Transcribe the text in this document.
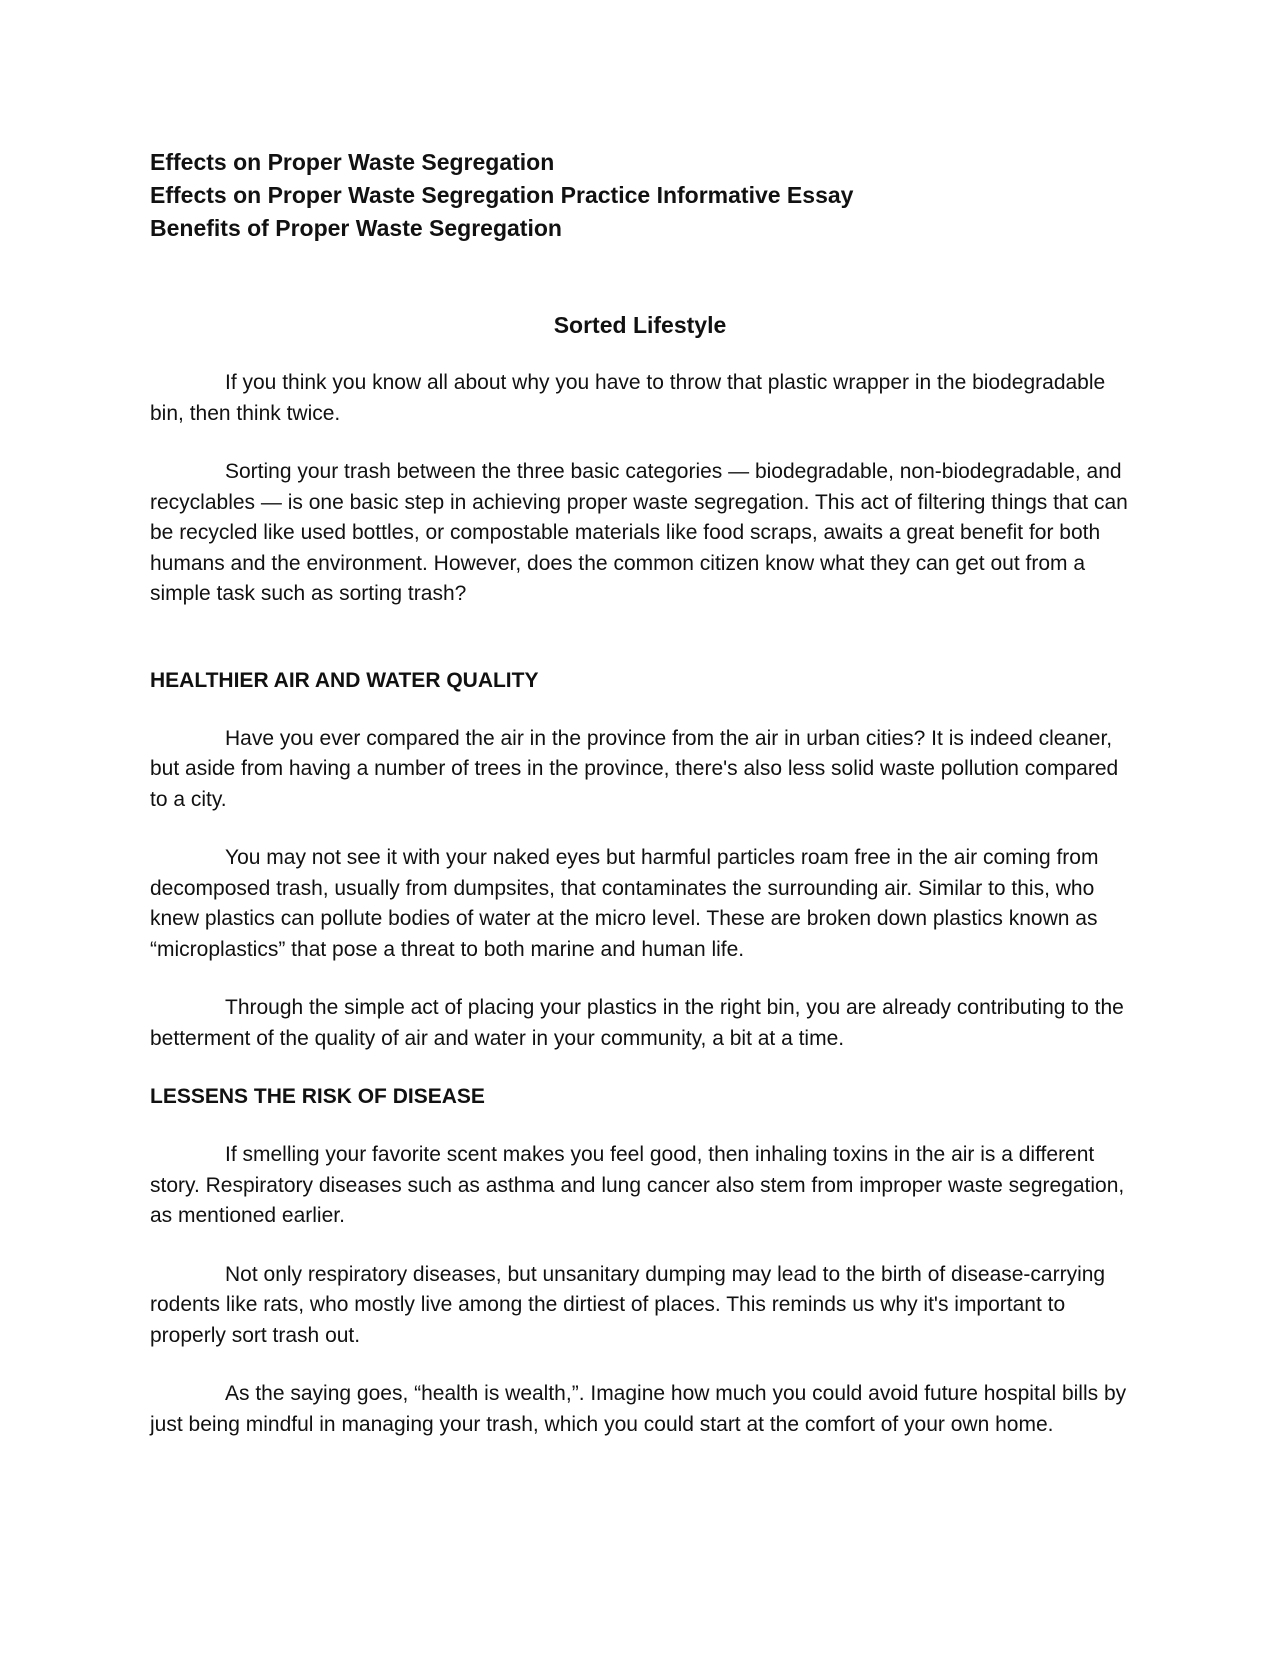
Effects on Proper Waste Segregation
Effects on Proper Waste Segregation Practice Informative Essay
Benefits of Proper Waste Segregation
Sorted Lifestyle

If you think you know all about why you have to throw that plastic wrapper in the biodegradable bin, then think twice.

Sorting your trash between the three basic categories — biodegradable, non-biodegradable, and recyclables — is one basic step in achieving proper waste segregation. This act of filtering things that can be recycled like used bottles, or compostable materials like food scraps, awaits a great benefit for both humans and the environment. However, does the common citizen know what they can get out from a simple task such as sorting trash?

HEALTHIER AIR AND WATER QUALITY

Have you ever compared the air in the province from the air in urban cities? It is indeed cleaner, but aside from having a number of trees in the province, there's also less solid waste pollution compared to a city.

You may not see it with your naked eyes but harmful particles roam free in the air coming from decomposed trash, usually from dumpsites, that contaminates the surrounding air. Similar to this, who knew plastics can pollute bodies of water at the micro level. These are broken down plastics known as “microplastics” that pose a threat to both marine and human life.

Through the simple act of placing your plastics in the right bin, you are already contributing to the betterment of the quality of air and water in your community, a bit at a time.

LESSENS THE RISK OF DISEASE

If smelling your favorite scent makes you feel good, then inhaling toxins in the air is a different story. Respiratory diseases such as asthma and lung cancer also stem from improper waste segregation, as mentioned earlier.

Not only respiratory diseases, but unsanitary dumping may lead to the birth of disease-carrying rodents like rats, who mostly live among the dirtiest of places. This reminds us why it's important to properly sort trash out.

As the saying goes, “health is wealth,”. Imagine how much you could avoid future hospital bills by just being mindful in managing your trash, which you could start at the comfort of your own home.
